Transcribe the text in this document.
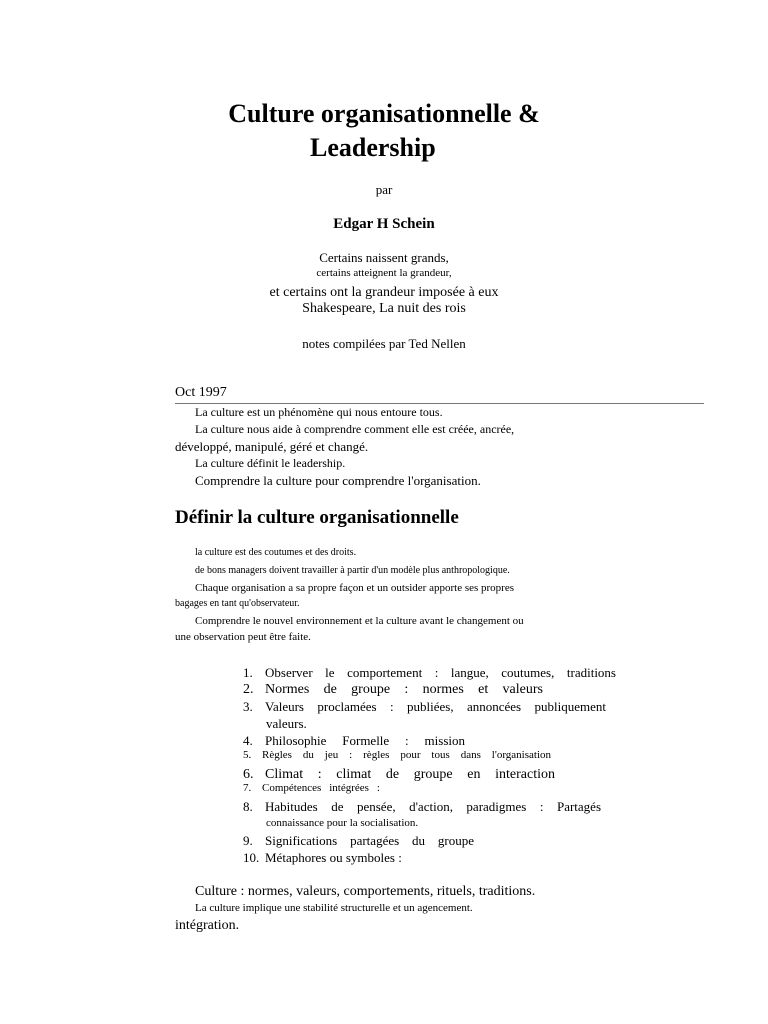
Culture organisationnelle &
Leadership
par
Edgar H Schein
Certains naissent grands,
certains atteignent la grandeur,
et certains ont la grandeur imposée à eux
Shakespeare, La nuit des rois
notes compilées par Ted Nellen
Oct 1997
La culture est un phénomène qui nous entoure tous.
La culture nous aide à comprendre comment elle est créée, ancrée,
développé, manipulé, géré et changé.
La culture définit le leadership.
Comprendre la culture pour comprendre l'organisation.
Définir la culture organisationnelle
la culture est des coutumes et des droits.
de bons managers doivent travailler à partir d'un modèle plus anthropologique.
Chaque organisation a sa propre façon et un outsider apporte ses propres
bagages en tant qu'observateur.
Comprendre le nouvel environnement et la culture avant le changement ou
une observation peut être faite.
1. Observer le comportement : langue, coutumes, traditions
2. Normes de groupe : normes et valeurs
3. Valeurs proclamées : publiées, annoncées publiquement
valeurs.
4. Philosophie Formelle : mission
5. Règles du jeu : règles pour tous dans l'organisation
6. Climat : climat de groupe en interaction
7. Compétences intégrées :
8. Habitudes de pensée, d'action, paradigmes : Partagés
connaissance pour la socialisation.
9. Significations partagées du groupe
10. Métaphores ou symboles :
Culture : normes, valeurs, comportements, rituels, traditions.
La culture implique une stabilité structurelle et un agencement.
intégration.
